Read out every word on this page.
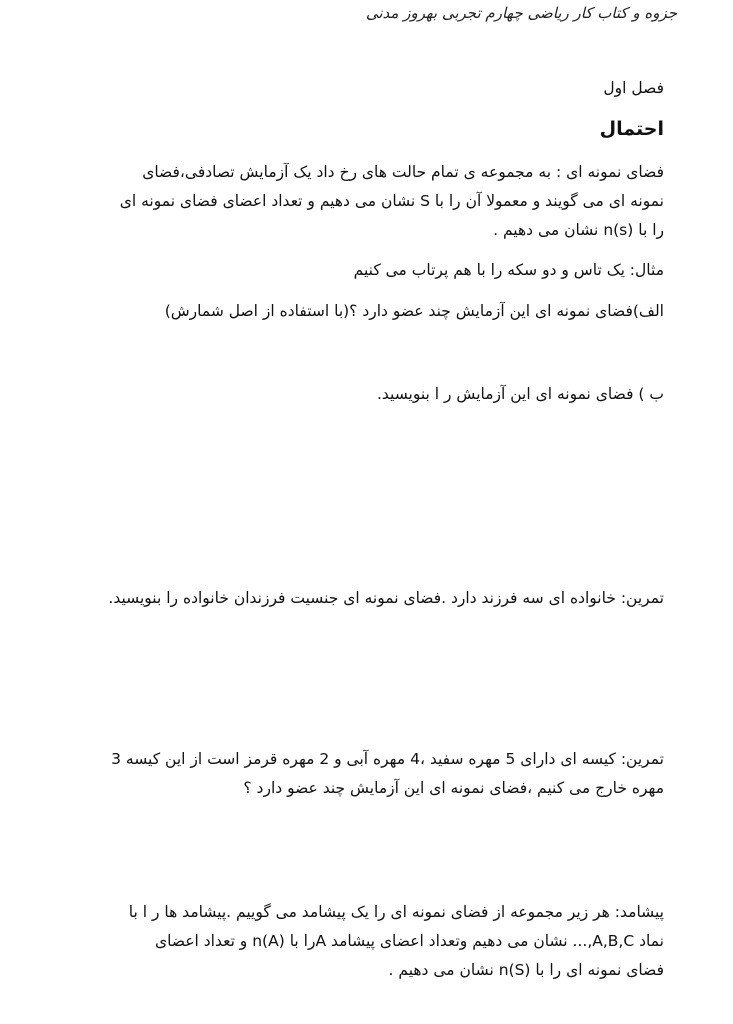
جزوه و کتاب کار ریاضی چهارم تجربی بهروز مدنی
فصل اول
احتمال
فضای نمونه ای : به مجموعه ی تمام حالت های رخ داد یک آزمایش تصادفی،فضای
نمونه ای می گویند و معمولا آن را با S نشان می دهیم و تعداد اعضای فضای نمونه ای
را با n(s) نشان می دهیم .
مثال: یک تاس و دو سکه را با هم پرتاب می کنیم
الف)فضای نمونه ای این آزمایش چند عضو دارد ؟(با استفاده از اصل شمارش)
ب ) فضای نمونه ای این آزمایش ر ا بنویسید.
تمرین: خانواده ای سه فرزند دارد .فضای نمونه ای جنسیت فرزندان خانواده را بنویسید.
تمرین: کیسه ای دارای 5 مهره سفید ،4 مهره آبی و 2 مهره قرمز است از این کیسه 3
مهره خارج می کنیم ،فضای نمونه ای این آزمایش چند عضو دارد ؟
پیشامد: هر زیر مجموعه از فضای نمونه ای را یک پیشامد می گوییم .پیشامد ها ر ا با
نماد A,B,C,... نشان می دهیم وتعداد اعضای پیشامد Aرا با n(A) و تعداد اعضای
فضای نمونه ای را با n(S) نشان می دهیم .
